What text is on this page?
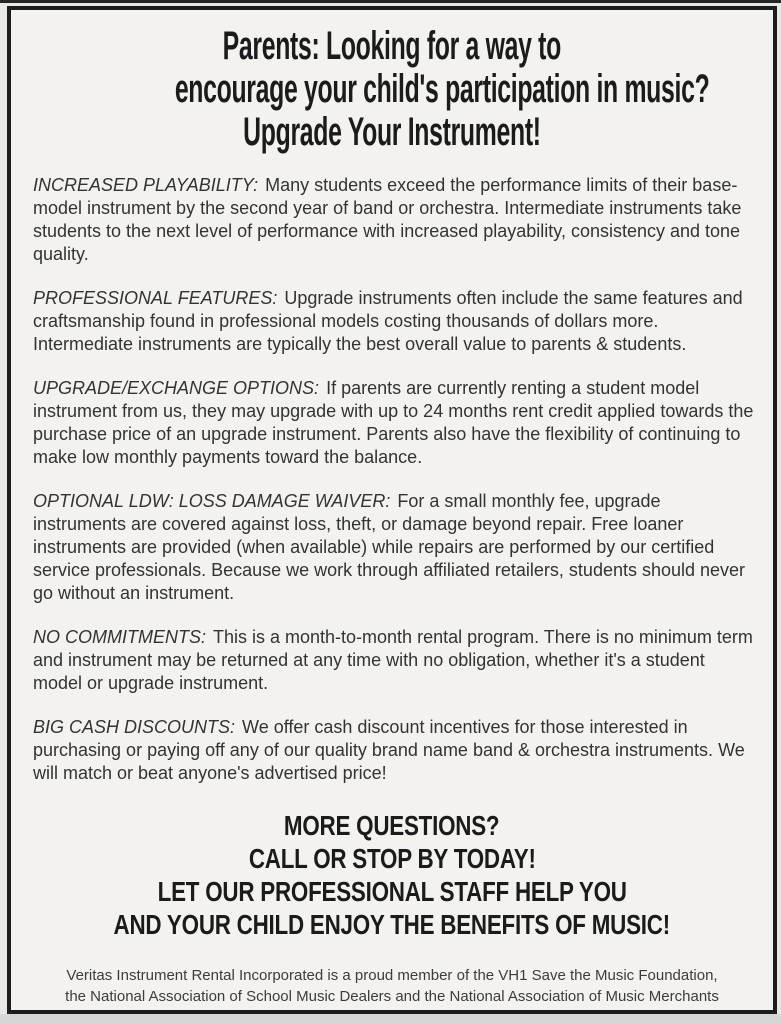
Parents: Looking for a way to
encourage your child's participation in music?
Upgrade Your Instrument!

INCREASED PLAYABILITY: Many students exceed the performance limits of their base-model instrument by the second year of band or orchestra. Intermediate instruments take students to the next level of performance with increased playability, consistency and tone quality.

PROFESSIONAL FEATURES: Upgrade instruments often include the same features and craftsmanship found in professional models costing thousands of dollars more. Intermediate instruments are typically the best overall value to parents & students.

UPGRADE/EXCHANGE OPTIONS: If parents are currently renting a student model instrument from us, they may upgrade with up to 24 months rent credit applied towards the purchase price of an upgrade instrument. Parents also have the flexibility of continuing to make low monthly payments toward the balance.

OPTIONAL LDW: LOSS DAMAGE WAIVER: For a small monthly fee, upgrade instruments are covered against loss, theft, or damage beyond repair. Free loaner instruments are provided (when available) while repairs are performed by our certified service professionals. Because we work through affiliated retailers, students should never go without an instrument.

NO COMMITMENTS: This is a month-to-month rental program. There is no minimum term and instrument may be returned at any time with no obligation, whether it's a student model or upgrade instrument.

BIG CASH DISCOUNTS: We offer cash discount incentives for those interested in purchasing or paying off any of our quality brand name band & orchestra instruments. We will match or beat anyone's advertised price!

MORE QUESTIONS?
CALL OR STOP BY TODAY!
LET OUR PROFESSIONAL STAFF HELP YOU
AND YOUR CHILD ENJOY THE BENEFITS OF MUSIC!
Veritas Instrument Rental Incorporated is a proud member of the VH1 Save the Music Foundation,
the National Association of School Music Dealers and the National Association of Music Merchants
